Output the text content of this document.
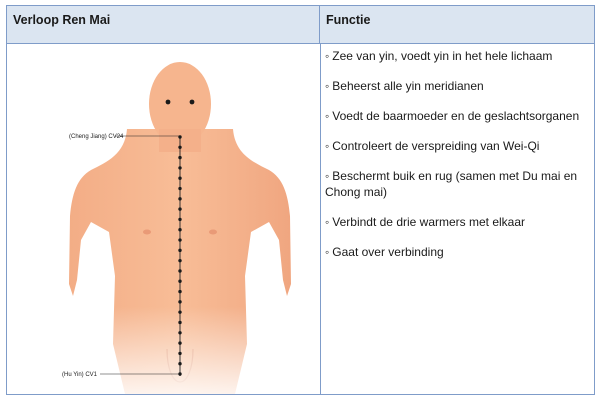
Verloop Ren Mai	Functie
(Cheng Jiang) CV24
(Hu Yin) CV1
◦ Zee van yin, voedt yin in het hele lichaam
◦ Beheerst alle yin meridianen
◦ Voedt de baarmoeder en de geslachtsorganen
◦ Controleert de verspreiding van Wei-Qi
◦ Beschermt buik en rug (samen met Du mai en Chong mai)
◦ Verbindt de drie warmers met elkaar
◦ Gaat over verbinding
